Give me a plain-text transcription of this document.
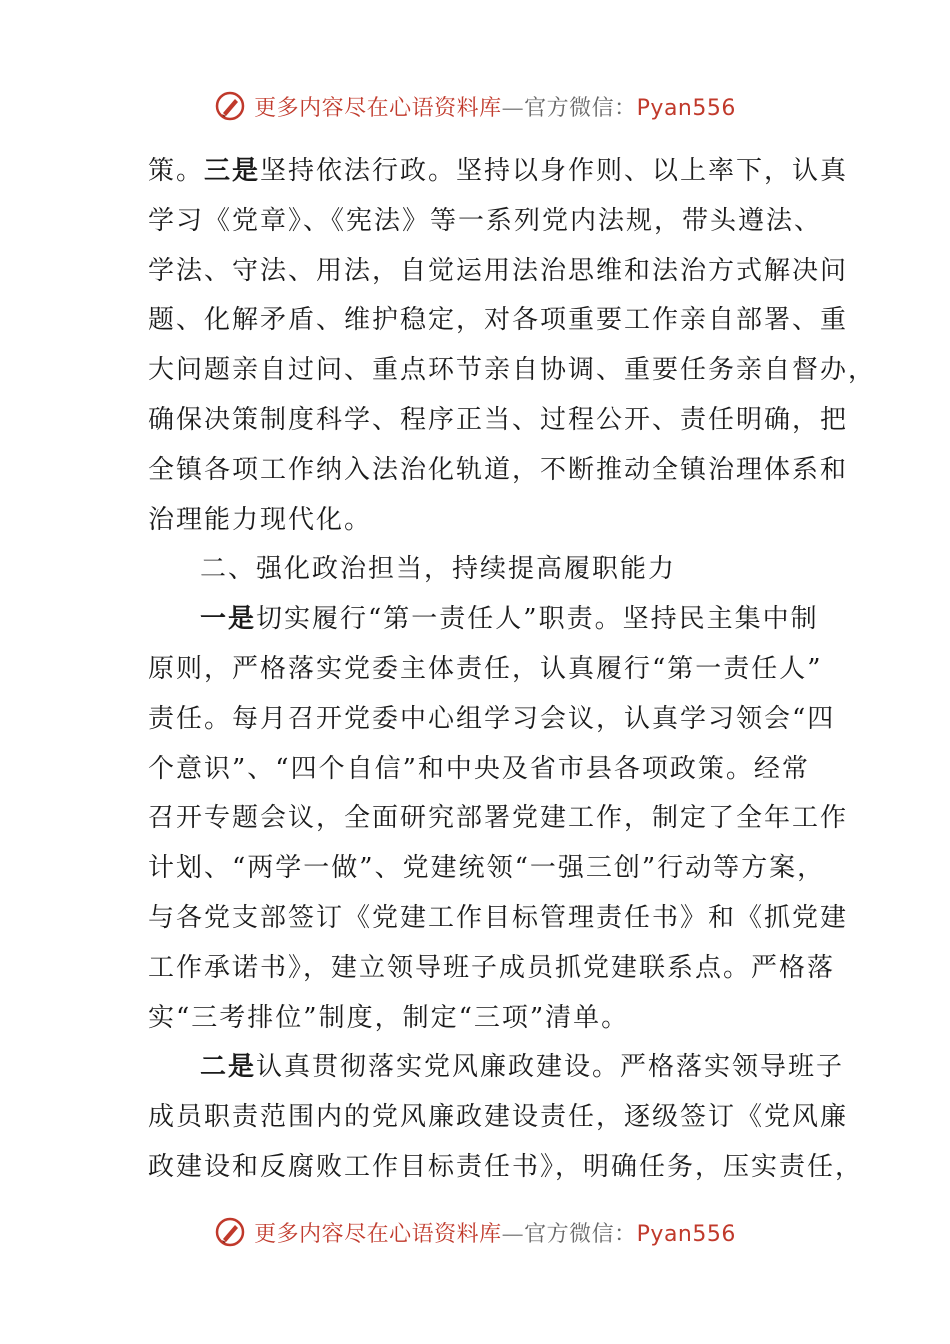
更多内容尽在心语资料库—官方微信：Pyan556
策。三是坚持依法行政。坚持以身作则、以上率下，认真
学习《党章》、《宪法》等一系列党内法规，带头遵法、
学法、守法、用法，自觉运用法治思维和法治方式解决问
题、化解矛盾、维护稳定，对各项重要工作亲自部署、重
大问题亲自过问、重点环节亲自协调、重要任务亲自督办，
确保决策制度科学、程序正当、过程公开、责任明确，把
全镇各项工作纳入法治化轨道，不断推动全镇治理体系和
治理能力现代化。
二、强化政治担当，持续提高履职能力
一是切实履行“第一责任人”职责。坚持民主集中制
原则，严格落实党委主体责任，认真履行“第一责任人”
责任。每月召开党委中心组学习会议，认真学习领会“四
个意识”、“四个自信”和中央及省市县各项政策。经常
召开专题会议，全面研究部署党建工作，制定了全年工作
计划、“两学一做”、党建统领“一强三创”行动等方案，
与各党支部签订《党建工作目标管理责任书》和《抓党建
工作承诺书》，建立领导班子成员抓党建联系点。严格落
实“三考排位”制度，制定“三项”清单。
二是认真贯彻落实党风廉政建设。严格落实领导班子
成员职责范围内的党风廉政建设责任，逐级签订《党风廉
政建设和反腐败工作目标责任书》，明确任务，压实责任，
更多内容尽在心语资料库—官方微信：Pyan556
